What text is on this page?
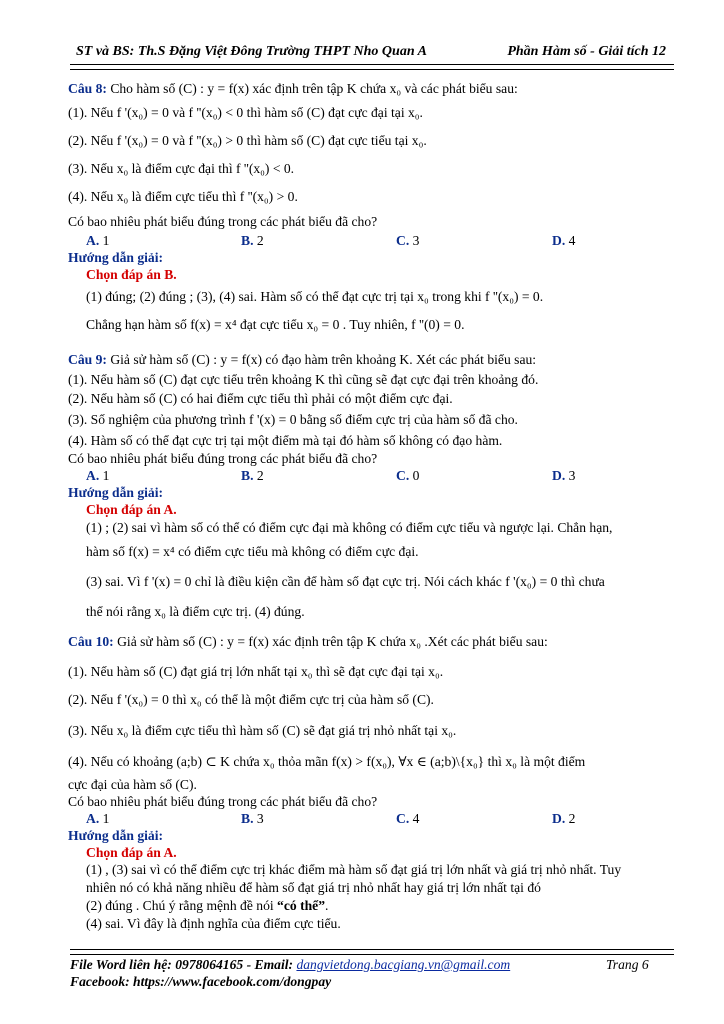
ST và BS: Th.S Đặng Việt Đông Trường THPT Nho Quan A	Phần Hàm số - Giải tích 12
Câu 8: Cho hàm số (C) : y = f(x) xác định trên tập K chứa x₀ và các phát biểu sau:
(1). Nếu f '(x₀) = 0 và f ''(x₀) < 0 thì hàm số (C) đạt cực đại tại x₀.
(2). Nếu f '(x₀) = 0 và f ''(x₀) > 0 thì hàm số (C) đạt cực tiểu tại x₀.
(3). Nếu x₀ là điểm cực đại thì f ''(x₀) < 0.
(4). Nếu x₀ là điểm cực tiểu thì f ''(x₀) > 0.
Có bao nhiêu phát biểu đúng trong các phát biểu đã cho?
A. 1	B. 2	C. 3	D. 4
Hướng dẫn giải:
Chọn đáp án B.
(1) đúng; (2) đúng ; (3), (4) sai. Hàm số có thể đạt cực trị tại x₀ trong khi f ''(x₀) = 0.
Chẳng hạn hàm số f(x) = x⁴ đạt cực tiểu x₀ = 0 . Tuy nhiên, f ''(0) = 0.
Câu 9: Giả sử hàm số (C) : y = f(x) có đạo hàm trên khoảng K. Xét các phát biểu sau:
(1). Nếu hàm số (C) đạt cực tiểu trên khoảng K thì cũng sẽ đạt cực đại trên khoảng đó.
(2). Nếu hàm số (C) có hai điểm cực tiểu thì phải có một điểm cực đại.
(3). Số nghiệm của phương trình f '(x) = 0 bằng số điểm cực trị của hàm số đã cho.
(4). Hàm số có thể đạt cực trị tại một điểm mà tại đó hàm số không có đạo hàm.
Có bao nhiêu phát biểu đúng trong các phát biểu đã cho?
A. 1	B. 2	C. 0	D. 3
Hướng dẫn giải:
Chọn đáp án A.
(1) ; (2) sai vì hàm số có thể có điểm cực đại mà không có điểm cực tiểu và ngược lại. Chẳn hạn,
hàm số f(x) = x⁴ có điểm cực tiểu mà không có điểm cực đại.
(3) sai. Vì f '(x) = 0 chỉ là điều kiện cần để hàm số đạt cực trị. Nói cách khác f '(x₀) = 0 thì chưa
thể nói rằng x₀ là điểm cực trị. (4) đúng.
Câu 10: Giả sử hàm số (C) : y = f(x) xác định trên tập K chứa x₀ .Xét các phát biểu sau:
(1). Nếu hàm số (C) đạt giá trị lớn nhất tại x₀ thì sẽ đạt cực đại tại x₀.
(2). Nếu f '(x₀) = 0 thì x₀ có thể là một điểm cực trị của hàm số (C).
(3). Nếu x₀ là điểm cực tiểu thì hàm số (C) sẽ đạt giá trị nhỏ nhất tại x₀.
(4). Nếu có khoảng (a;b) ⊂ K chứa x₀ thỏa mãn f(x) > f(x₀), ∀x ∈ (a;b)\{x₀} thì x₀ là một điểm
cực đại của hàm số (C).
Có bao nhiêu phát biểu đúng trong các phát biểu đã cho?
A. 1	B. 3	C. 4	D. 2
Hướng dẫn giải:
Chọn đáp án A.
(1) , (3) sai vì có thể điểm cực trị khác điểm mà hàm số đạt giá trị lớn nhất và giá trị nhỏ nhất. Tuy
nhiên nó có khả năng nhiều để hàm số đạt giá trị nhỏ nhất hay giá trị lớn nhất tại đó
(2) đúng . Chú ý rằng mệnh đề nói “có thể”.
(4) sai. Vì đây là định nghĩa của điểm cực tiểu.
File Word liên hệ: 0978064165 - Email: dangvietdong.bacgiang.vn@gmail.com	Trang 6
Facebook: https://www.facebook.com/dongpay
